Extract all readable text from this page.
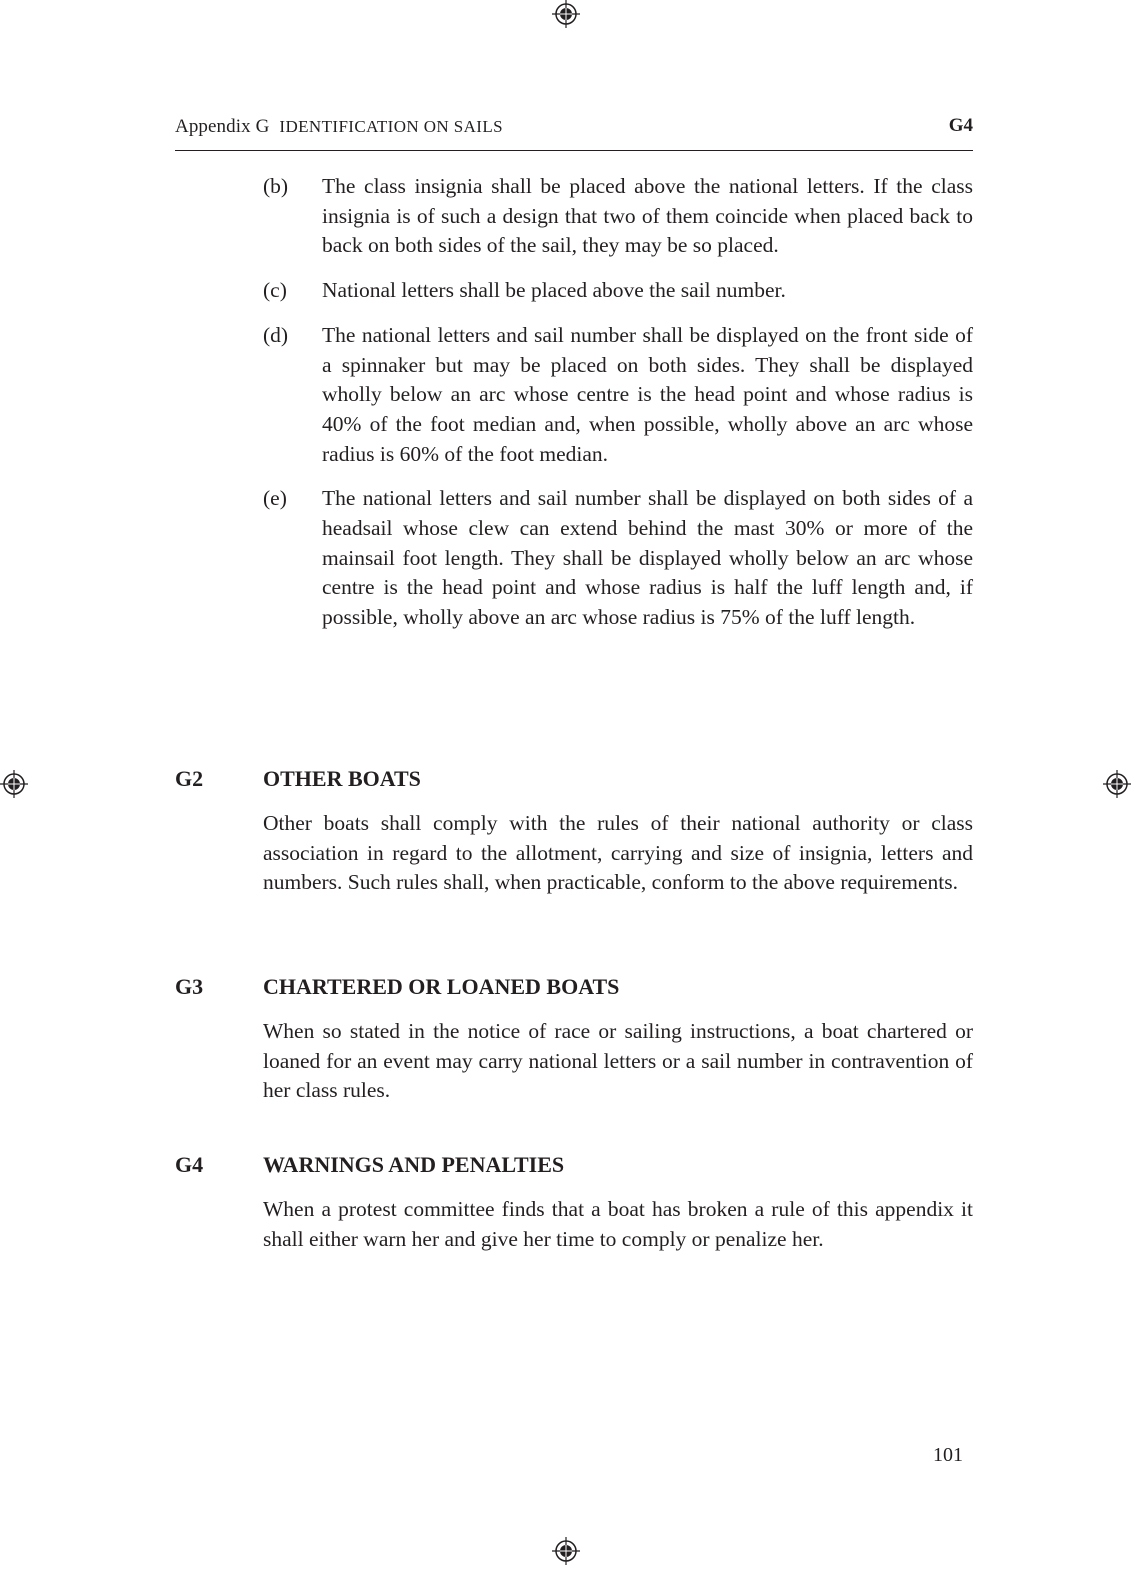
Appendix G IDENTIFICATION ON SAILS	G4
(b)	The class insignia shall be placed above the national letters. If the class insignia is of such a design that two of them coincide when placed back to back on both sides of the sail, they may be so placed.
(c)	National letters shall be placed above the sail number.
(d)	The national letters and sail number shall be displayed on the front side of a spinnaker but may be placed on both sides. They shall be displayed wholly below an arc whose centre is the head point and whose radius is 40% of the foot median and, when possible, wholly above an arc whose radius is 60% of the foot median.
(e)	The national letters and sail number shall be displayed on both sides of a headsail whose clew can extend behind the mast 30% or more of the mainsail foot length. They shall be displayed wholly below an arc whose centre is the head point and whose radius is half the luff length and, if possible, wholly above an arc whose radius is 75% of the luff length.
G2	OTHER BOATS
Other boats shall comply with the rules of their national authority or class association in regard to the allotment, carrying and size of insignia, letters and numbers. Such rules shall, when practicable, conform to the above requirements.
G3	CHARTERED OR LOANED BOATS
When so stated in the notice of race or sailing instructions, a boat chartered or loaned for an event may carry national letters or a sail number in contravention of her class rules.
G4	WARNINGS AND PENALTIES
When a protest committee finds that a boat has broken a rule of this appendix it shall either warn her and give her time to comply or penalize her.
101
